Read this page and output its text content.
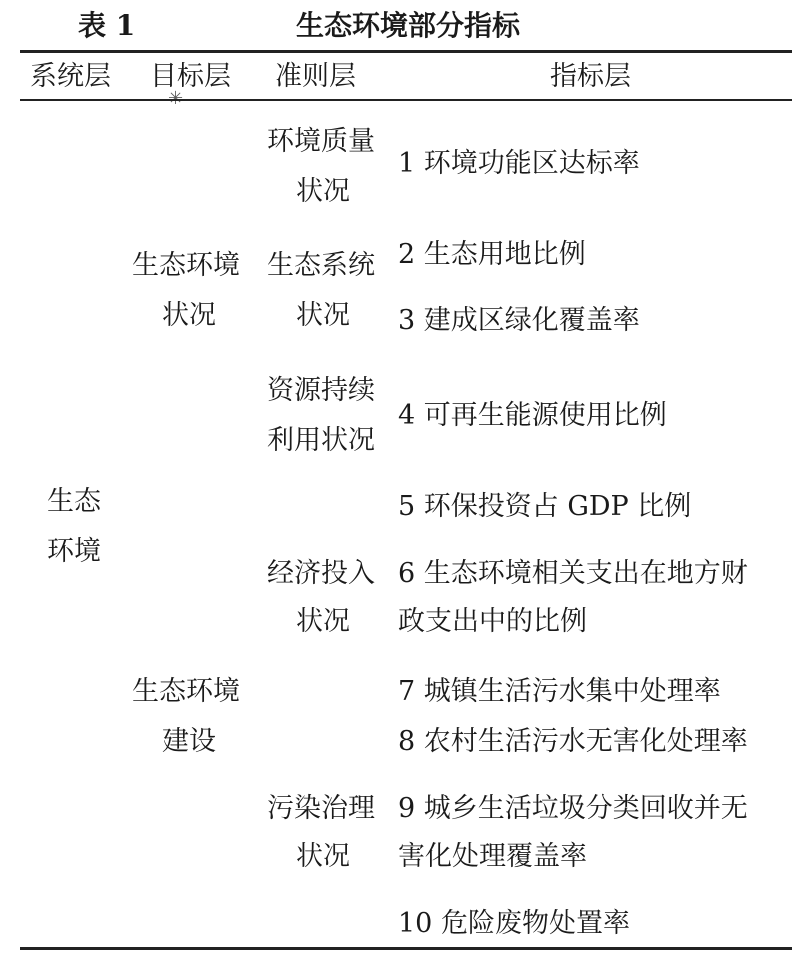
表 1	生态环境部分指标
系统层 目标层 准则层	指标层
生态
环境
生态环境
状况
生态环境
建设
环境质量
状况
生态系统
状况
资源持续
利用状况
经济投入
状况
污染治理
状况
1 环境功能区达标率
2 生态用地比例
3 建成区绿化覆盖率
4 可再生能源使用比例
5 环保投资占 GDP 比例
6 生态环境相关支出在地方财
政支出中的比例
7 城镇生活污水集中处理率
8 农村生活污水无害化处理率
9 城乡生活垃圾分类回收并无
害化处理覆盖率
10 危险废物处置率
